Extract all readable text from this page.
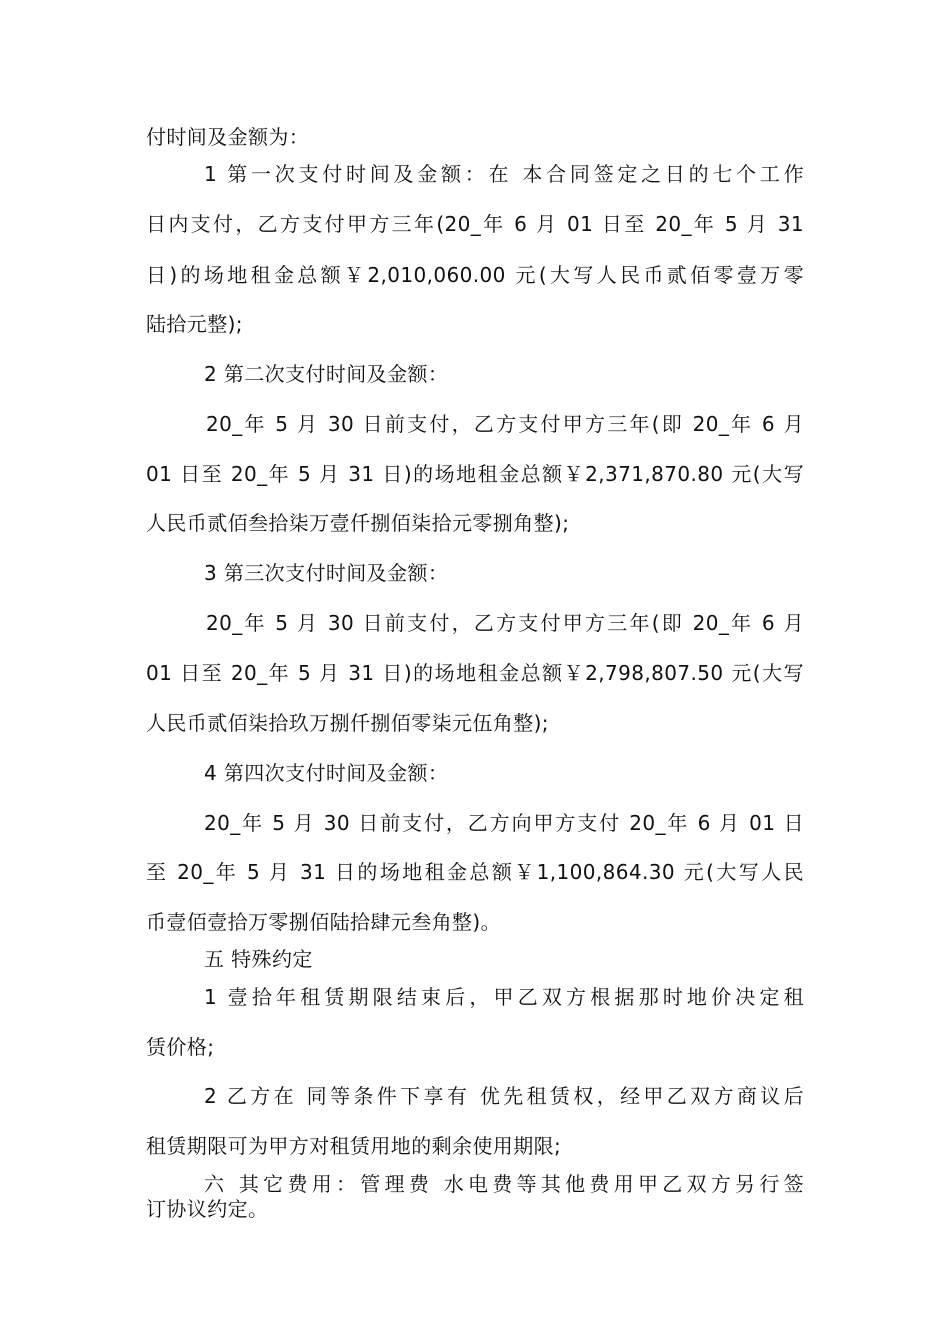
付时间及金额为：
1 第一次支付时间及金额：在 本合同签定之日的七个工作
日内支付，乙方支付甲方三年(20_年 6 月 01 日至 20_年 5 月 31
日)的场地租金总额￥2,010,060.00 元(大写人民币贰佰零壹万零
陆拾元整);
2 第二次支付时间及金额：
20_年 5 月 30 日前支付，乙方支付甲方三年(即 20_年 6 月
01 日至 20_年 5 月 31 日)的场地租金总额￥2,371,870.80 元(大写
人民币贰佰叁拾柒万壹仟捌佰柒拾元零捌角整);
3 第三次支付时间及金额：
20_年 5 月 30 日前支付，乙方支付甲方三年(即 20_年 6 月
01 日至 20_年 5 月 31 日)的场地租金总额￥2,798,807.50 元(大写
人民币贰佰柒拾玖万捌仟捌佰零柒元伍角整);
4 第四次支付时间及金额：
20_年 5 月 30 日前支付，乙方向甲方支付 20_年 6 月 01 日
至 20_年 5 月 31 日的场地租金总额￥1,100,864.30 元(大写人民
币壹佰壹拾万零捌佰陆拾肆元叁角整)。
五 特殊约定
1 壹拾年租赁期限结束后，甲乙双方根据那时地价决定租
赁价格;
2 乙方在 同等条件下享有 优先租赁权，经甲乙双方商议后
租赁期限可为甲方对租赁用地的剩余使用期限;
六 其它费用：管理费 水电费等其他费用甲乙双方另行签
订协议约定。
